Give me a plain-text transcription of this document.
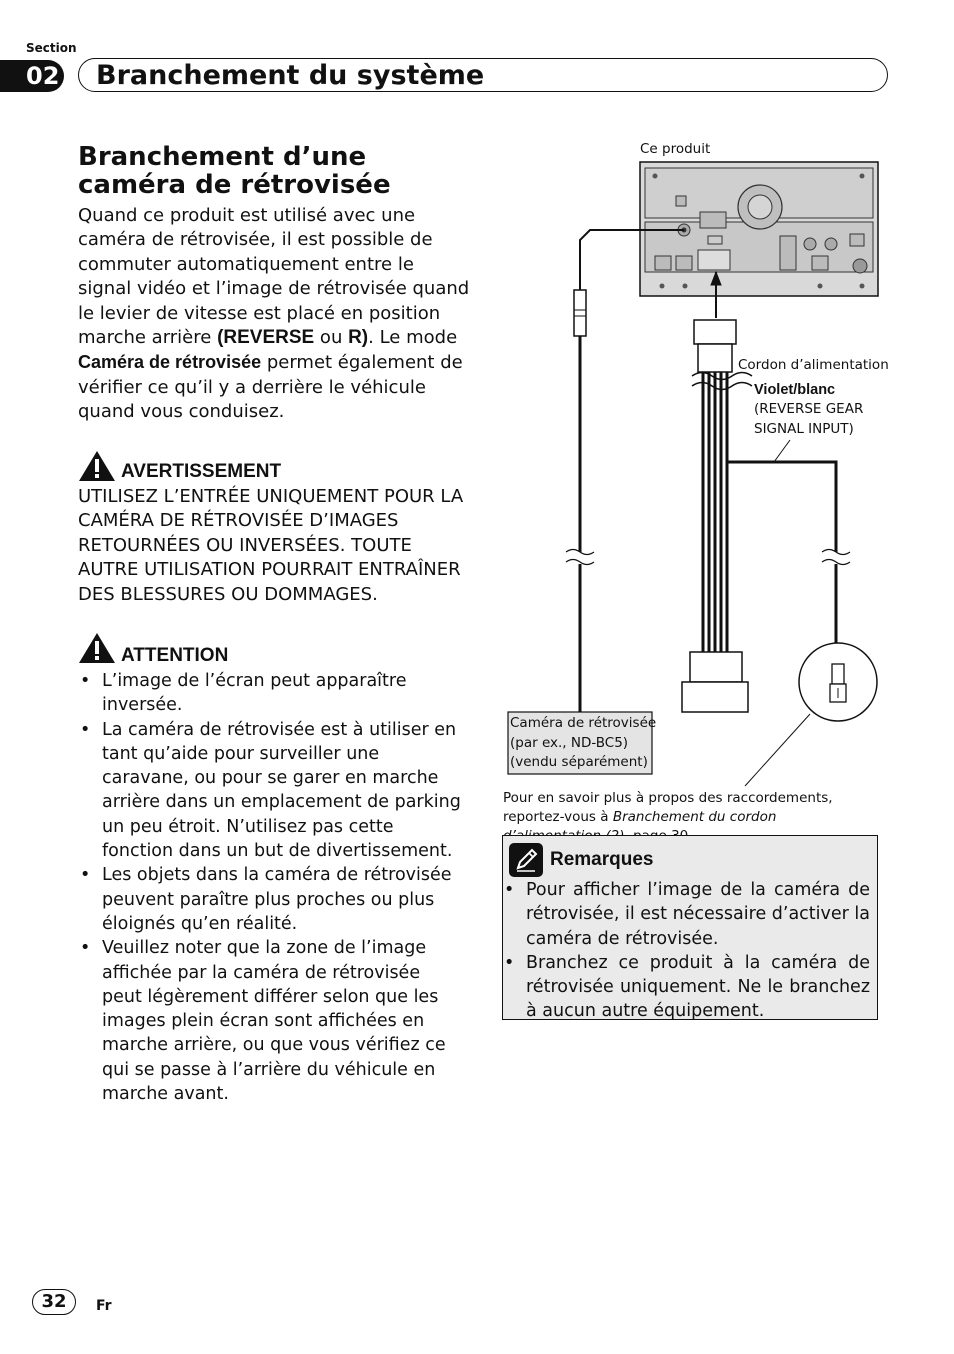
Section
02 Branchement du système
Branchement d’une caméra de rétrovisée
Quand ce produit est utilisé avec une caméra de rétrovisée, il est possible de commuter automatiquement entre le signal vidéo et l’image de rétrovisée quand le levier de vitesse est placé en position marche arrière (REVERSE ou R). Le mode Caméra de rétrovisée permet également de vérifier ce qu’il y a derrière le véhicule quand vous conduisez.
AVERTISSEMENT
UTILISEZ L’ENTRÉE UNIQUEMENT POUR LA CAMÉRA DE RÉTROVISÉE D’IMAGES RETOURNÉES OU INVERSÉES. TOUTE AUTRE UTILISATION POURRAIT ENTRAÎNER DES BLESSURES OU DOMMAGES.
ATTENTION
• L’image de l’écran peut apparaître inversée.
• La caméra de rétrovisée est à utiliser en tant qu’aide pour surveiller une caravane, ou pour se garer en marche arrière dans un emplacement de parking un peu étroit. N’utilisez pas cette fonction dans un but de divertissement.
• Les objets dans la caméra de rétrovisée peuvent paraître plus proches ou plus éloignés qu’en réalité.
• Veuillez noter que la zone de l’image affichée par la caméra de rétrovisée peut légèrement différer selon que les images plein écran sont affichées en marche arrière, ou que vous vérifiez ce qui se passe à l’arrière du véhicule en marche avant.
Ce produit
Cordon d’alimentation
Violet/blanc
(REVERSE GEAR
SIGNAL INPUT)
Caméra de rétrovisée
(par ex., ND-BC5)
(vendu séparément)
Pour en savoir plus à propos des raccordements, reportez-vous à Branchement du cordon
Remarques
• Pour afficher l’image de la caméra de rétrovisée, il est nécessaire d’activer la caméra de rétrovisée.
• Branchez ce produit à la caméra de rétrovisée uniquement. Ne le branchez à aucun autre équipement.
32	Fr
